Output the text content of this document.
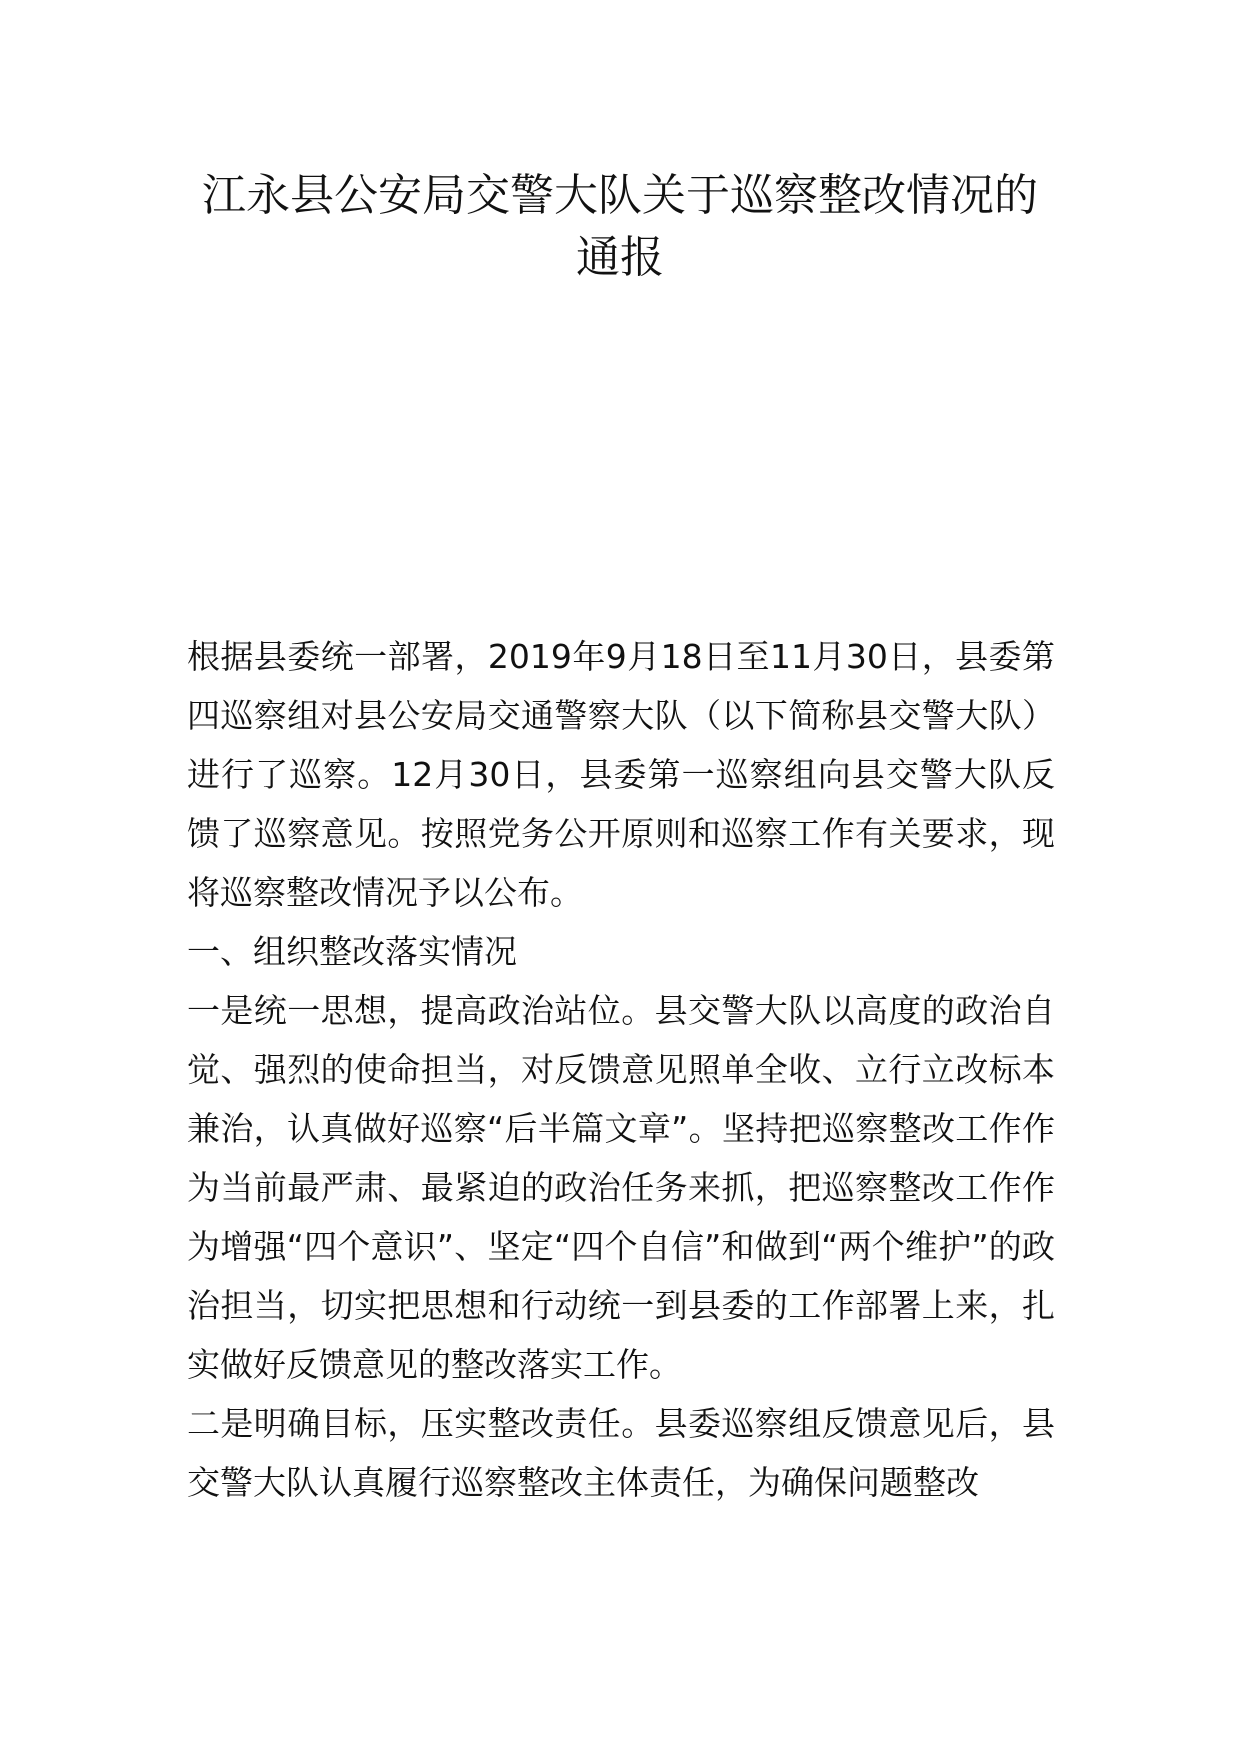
江永县公安局交警大队关于巡察整改情况的通报

根据县委统一部署，2019年9月18日至11月30日，县委第四巡察组对县公安局交通警察大队（以下简称县交警大队）进行了巡察。12月30日，县委第一巡察组向县交警大队反馈了巡察意见。按照党务公开原则和巡察工作有关要求，现将巡察整改情况予以公布。

一、组织整改落实情况

一是统一思想，提高政治站位。县交警大队以高度的政治自觉、强烈的使命担当，对反馈意见照单全收、立行立改标本兼治，认真做好巡察“后半篇文章”。坚持把巡察整改工作作为当前最严肃、最紧迫的政治任务来抓，把巡察整改工作作为增强“四个意识”、坚定“四个自信”和做到“两个维护”的政治担当，切实把思想和行动统一到县委的工作部署上来，扎实做好反馈意见的整改落实工作。

二是明确目标，压实整改责任。县委巡察组反馈意见后，县交警大队认真履行巡察整改主体责任，为确保问题整改
